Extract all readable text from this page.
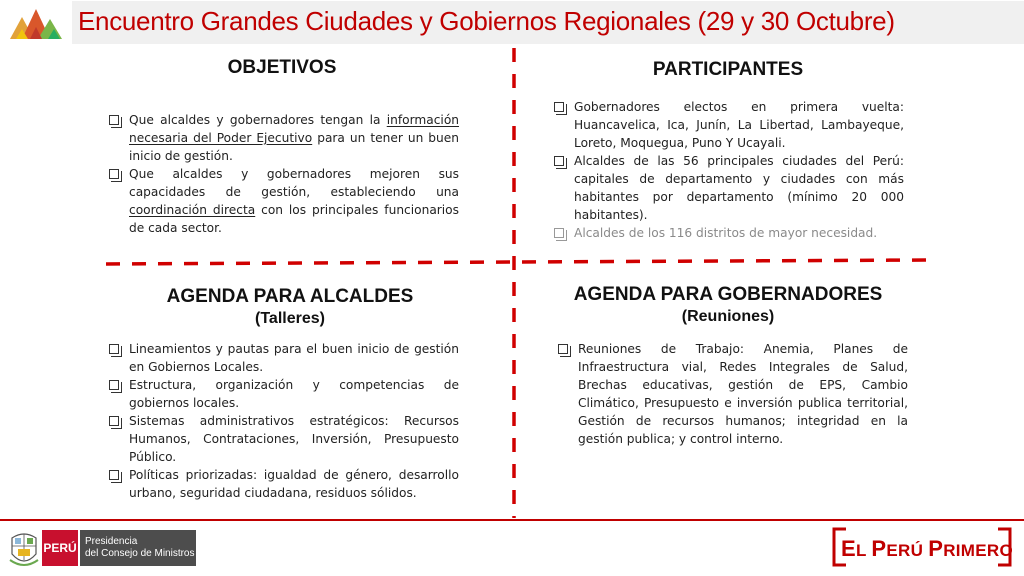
Encuentro Grandes Ciudades y Gobiernos Regionales (29 y 30 Octubre)
OBJETIVOS
Que alcaldes y gobernadores tengan la información necesaria del Poder Ejecutivo para un tener un buen inicio de gestión.
Que alcaldes y gobernadores mejoren sus capacidades de gestión, estableciendo una coordinación directa con los principales funcionarios de cada sector.
PARTICIPANTES
Gobernadores electos en primera vuelta: Huancavelica, Ica, Junín, La Libertad, Lambayeque, Loreto, Moquegua, Puno Y Ucayali.
Alcaldes de las 56 principales ciudades del Perú: capitales de departamento y ciudades con más habitantes por departamento (mínimo 20 000 habitantes).
Alcaldes de los 116 distritos de mayor necesidad.
AGENDA PARA ALCALDES
(Talleres)
Lineamientos y pautas para el buen inicio de gestión en Gobiernos Locales.
Estructura, organización y competencias de gobiernos locales.
Sistemas administrativos estratégicos: Recursos Humanos, Contrataciones, Inversión, Presupuesto Público.
Políticas priorizadas: igualdad de género, desarrollo urbano, seguridad ciudadana, residuos sólidos.
AGENDA PARA GOBERNADORES
(Reuniones)
Reuniones de Trabajo: Anemia, Planes de Infraestructura vial, Redes Integrales de Salud, Brechas educativas, gestión de EPS, Cambio Climático, Presupuesto e inversión publica territorial, Gestión de recursos humanos; integridad en la gestión publica; y control interno.
PERÚ Presidencia
del Consejo de Ministros	EL PERÚ PRIMERO
